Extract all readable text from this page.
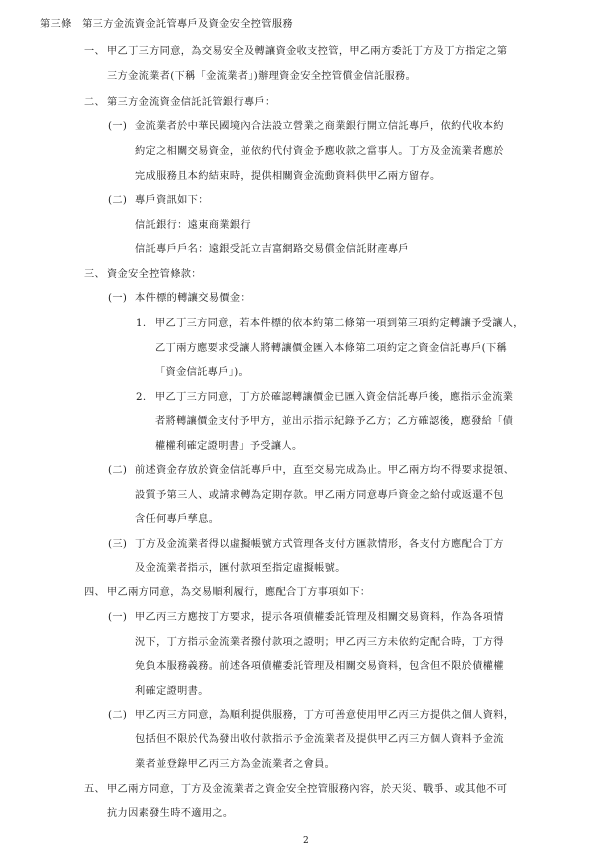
第三條　第三方金流資金託管專戶及資金安全控管服務
一、 甲乙丁三方同意，為交易安全及轉讓資金收支控管，甲乙兩方委託丁方及丁方指定之第
三方金流業者(下稱「金流業者」)辦理資金安全控管償金信託服務。
二、 第三方金流資金信託託管銀行專戶：
(一) 金流業者於中華民國境內合法設立營業之商業銀行開立信託專戶，依約代收本約
約定之相關交易資金，並依約代付資金予應收款之當事人。丁方及金流業者應於
完成服務且本約結束時，提供相關資金流動資料供甲乙兩方留存。
(二) 專戶資訊如下：
信託銀行：遠東商業銀行
信託專戶戶名：遠銀受託立吉富網路交易償金信託財產專戶
三、 資金安全控管條款：
(一) 本件標的轉讓交易價金：
1. 甲乙丁三方同意，若本件標的依本約第二條第一項到第三項約定轉讓予受讓人，
乙丁兩方應要求受讓人將轉讓價金匯入本條第二項約定之資金信託專戶(下稱
「資金信託專戶」)。
2. 甲乙丁三方同意，丁方於確認轉讓價金已匯入資金信託專戶後，應指示金流業
者將轉讓價金支付予甲方，並出示指示紀錄予乙方；乙方確認後，應發給「債
權權利確定證明書」予受讓人。
(二) 前述資金存放於資金信託專戶中，直至交易完成為止。甲乙兩方均不得要求提領、
設質予第三人、或請求轉為定期存款。甲乙兩方同意專戶資金之給付或返還不包
含任何專戶孳息。
(三) 丁方及金流業者得以虛擬帳號方式管理各支付方匯款情形，各支付方應配合丁方
及金流業者指示，匯付款項至指定虛擬帳號。
四、 甲乙兩方同意，為交易順利履行，應配合丁方事項如下：
(一) 甲乙丙三方應按丁方要求，提示各項債權委託管理及相關交易資料，作為各項情
況下，丁方指示金流業者撥付款項之證明；甲乙丙三方未依約定配合時，丁方得
免負本服務義務。前述各項債權委託管理及相關交易資料，包含但不限於債權權
利確定證明書。
(二) 甲乙丙三方同意，為順利提供服務，丁方可善意使用甲乙丙三方提供之個人資料，
包括但不限於代為發出收付款指示予金流業者及提供甲乙丙三方個人資料予金流
業者並登錄甲乙丙三方為金流業者之會員。
五、 甲乙兩方同意，丁方及金流業者之資金安全控管服務內容，於天災、戰爭、或其他不可
抗力因素發生時不適用之。
2
